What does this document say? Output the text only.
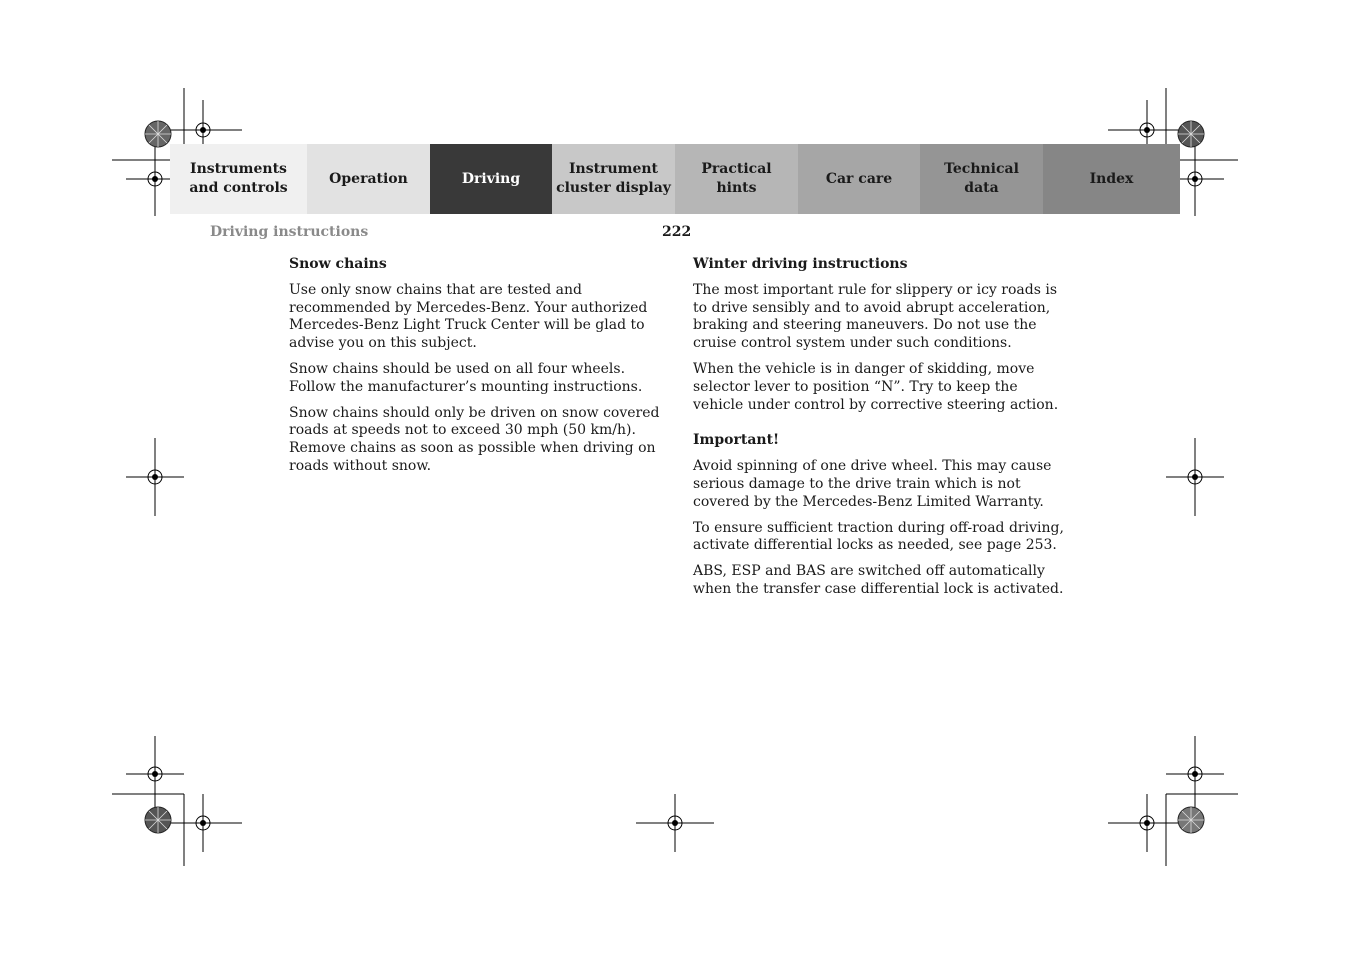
Instruments
and controls
Operation	Driving
Instrument
cluster display
Practical hints
Car care
Technical
data
Index
Driving instructions	222
Snow chains

Use only snow chains that are tested and recommended by Mercedes-Benz. Your authorized Mercedes-Benz Light Truck Center will be glad to advise you on this subject.

Snow chains should be used on all four wheels. Follow the manufacturer’s mounting instructions.

Snow chains should only be driven on snow covered roads at speeds not to exceed 30 mph (50 km/h). Remove chains as soon as possible when driving on roads without snow.

Winter driving instructions

The most important rule for slippery or icy roads is to drive sensibly and to avoid abrupt acceleration, braking and steering maneuvers. Do not use the cruise control system under such conditions.

When the vehicle is in danger of skidding, move selector lever to position “N”. Try to keep the vehicle under control by corrective steering action.

Important!

Avoid spinning of one drive wheel. This may cause serious damage to the drive train which is not covered by the Mercedes-Benz Limited Warranty.

To ensure sufficient traction during off-road driving, activate differential locks as needed, see page 253.

ABS, ESP and BAS are switched off automatically when the transfer case differential lock is activated.
